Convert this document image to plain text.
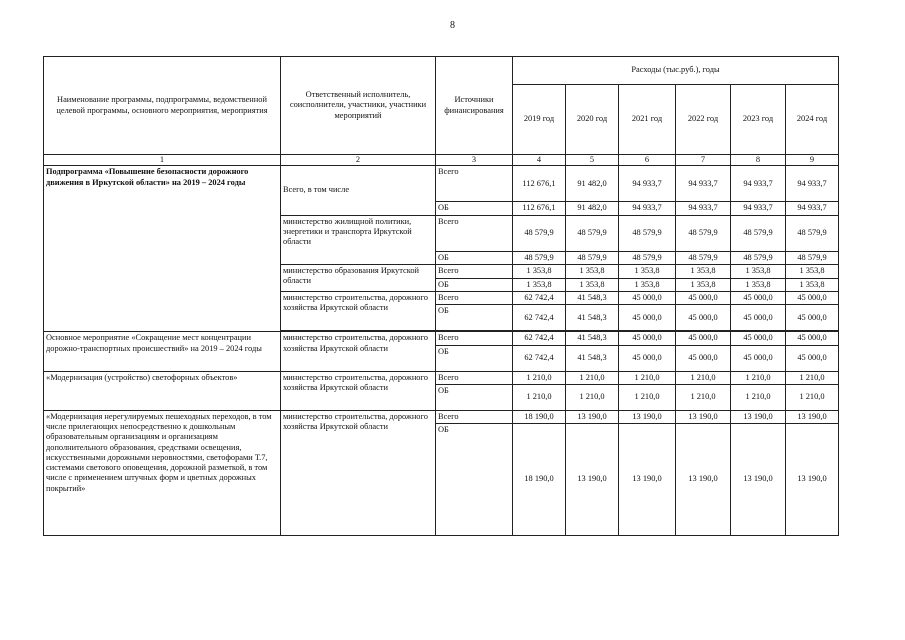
8
Наименование программы, подпрограммы, ведомственной целевой программы, основного мероприятия, мероприятия	Ответственный исполнитель, соисполнители, участники, участники мероприятий	Источники финансирования	Расходы (тыс.руб.), годы					
			2019 год	2020 год	2021 год	2022 год	2023 год	2024 год
1	2	3	4	5	6	7	8	9
Подпрограмма «Повышение безопасности дорожного движения в Иркутской области» на 2019 – 2024 годы	Всего, в том числе	Всего	112 676,1	91 482,0	94 933,7	94 933,7	94 933,7	94 933,7
		ОБ	112 676,1	91 482,0	94 933,7	94 933,7	94 933,7	94 933,7
	министерство жилищной политики, энергетики и транспорта Иркутской области	Всего	48 579,9	48 579,9	48 579,9	48 579,9	48 579,9	48 579,9
		ОБ	48 579,9	48 579,9	48 579,9	48 579,9	48 579,9	48 579,9
	министерство образования Иркутской области	Всего	1 353,8	1 353,8	1 353,8	1 353,8	1 353,8	1 353,8
		ОБ	1 353,8	1 353,8	1 353,8	1 353,8	1 353,8	1 353,8
	министерство строительства, дорожного хозяйства Иркутской области	Всего	62 742,4	41 548,3	45 000,0	45 000,0	45 000,0	45 000,0
		ОБ	62 742,4	41 548,3	45 000,0	45 000,0	45 000,0	45 000,0

Основное мероприятие «Сокращение мест концентрации дорожно-транспортных происшествий» на 2019 – 2024 годы	министерство строительства, дорожного хозяйства Иркутской области	Всего	62 742,4	41 548,3	45 000,0	45 000,0	45 000,0	45 000,0
		ОБ	62 742,4	41 548,3	45 000,0	45 000,0	45 000,0	45 000,0
«Модернизация (устройство) светофорных объектов»	министерство строительства, дорожного хозяйства Иркутской области	Всего	1 210,0	1 210,0	1 210,0	1 210,0	1 210,0	1 210,0
		ОБ	1 210,0	1 210,0	1 210,0	1 210,0	1 210,0	1 210,0
«Модернизация нерегулируемых пешеходных переходов, в том числе прилегающих непосредственно к дошкольным образовательным организациям и организациям дополнительного образования, средствами освещения, искусственными дорожными неровностями, светофорами Т.7, системами светового оповещения, дорожной разметкой, в том числе с применением штучных форм и цветных дорожных покрытий»	министерство строительства, дорожного хозяйства Иркутской области	Всего	18 190,0	13 190,0	13 190,0	13 190,0	13 190,0	13 190,0
		ОБ	18 190,0	13 190,0	13 190,0	13 190,0	13 190,0	13 190,0
